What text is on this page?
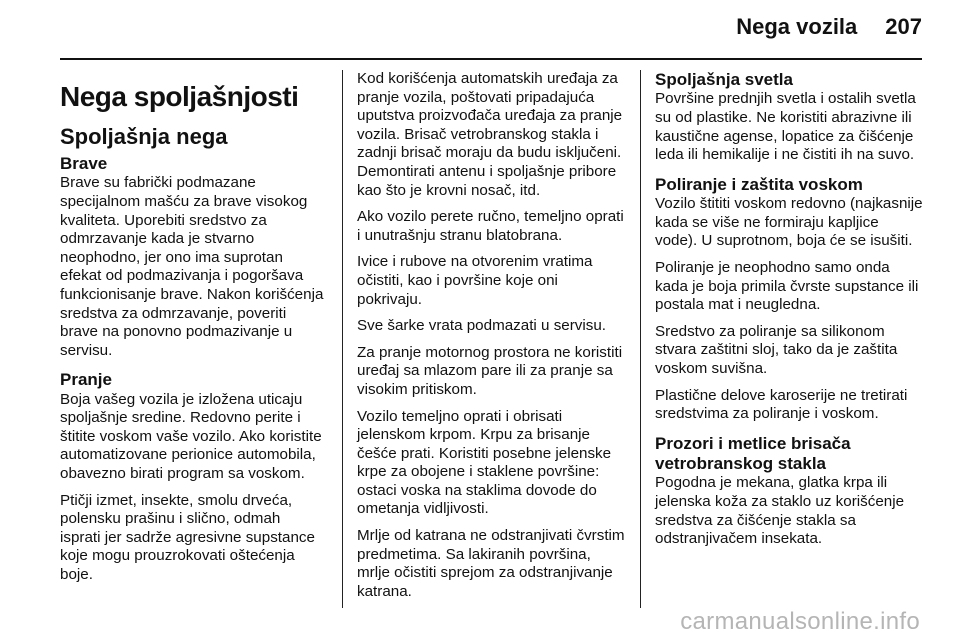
Nega vozila 207
Nega spoljašnjosti
Spoljašnja nega
Brave

Brave su fabrički podmazane specijalnom mašću za brave visokog kvaliteta. Uporebiti sredstvo za odmrzavanje kada je stvarno neophodno, jer ono ima suprotan efekat od podmazivanja i pogoršava funkcionisanje brave. Nakon korišćenja sredstva za odmrzavanje, poveriti brave na ponovno podmazivanje u servisu.

Pranje

Boja vašeg vozila je izložena uticaju spoljašnje sredine. Redovno perite i štitite voskom vaše vozilo. Ako koristite automatizovane perionice automobila, obavezno birati program sa voskom.

Ptičji izmet, insekte, smolu drveća, polensku prašinu i slično, odmah isprati jer sadrže agresivne supstance koje mogu prouzrokovati oštećenja boje.

Kod korišćenja automatskih uređaja za pranje vozila, poštovati pripadajuća uputstva proizvođača uređaja za pranje vozila. Brisač vetrobranskog stakla i zadnji brisač moraju da budu isključeni. Demontirati antenu i spoljašnje pribore kao što je krovni nosač, itd.

Ako vozilo perete ručno, temeljno oprati i unutrašnju stranu blatobrana.

Ivice i rubove na otvorenim vratima očistiti, kao i površine koje oni pokrivaju.

Sve šarke vrata podmazati u servisu.

Za pranje motornog prostora ne koristiti uređaj sa mlazom pare ili za pranje sa visokim pritiskom.

Vozilo temeljno oprati i obrisati jelenskom krpom. Krpu za brisanje češće prati. Koristiti posebne jelenske krpe za obojene i staklene površine: ostaci voska na staklima dovode do ometanja vidljivosti.

Mrlje od katrana ne odstranjivati čvrstim predmetima. Sa lakiranih površina, mrlje očistiti sprejom za odstranjivanje katrana.

Spoljašnja svetla

Površine prednjih svetla i ostalih svetla su od plastike. Ne koristiti abrazivne ili kaustične agense, lopatice za čišćenje leda ili hemikalije i ne čistiti ih na suvo.

Poliranje i zaštita voskom

Vozilo štititi voskom redovno (najkasnije kada se više ne formiraju kapljice vode). U suprotnom, boja će se isušiti.

Poliranje je neophodno samo onda kada je boja primila čvrste supstance ili postala mat i neugledna.

Sredstvo za poliranje sa silikonom stvara zaštitni sloj, tako da je zaštita voskom suvišna.

Plastične delove karoserije ne tretirati sredstvima za poliranje i voskom.

Prozori i metlice brisača vetrobranskog stakla

Pogodna je mekana, glatka krpa ili jelenska koža za staklo uz korišćenje sredstva za čišćenje stakla sa odstranjivačem insekata.

carmanualsonline.info
